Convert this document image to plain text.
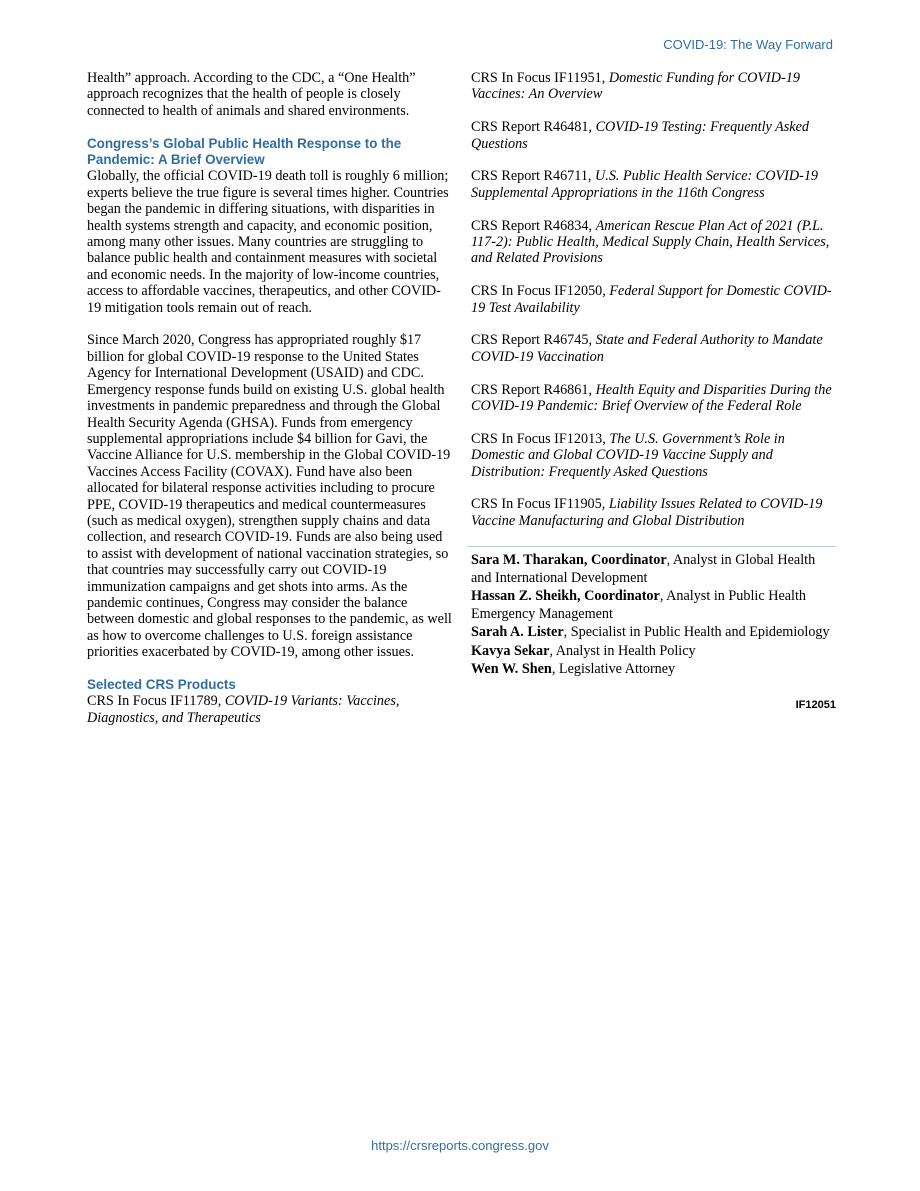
COVID-19: The Way Forward

Health” approach. According to the CDC, a “One Health” approach recognizes that the health of people is closely connected to health of animals and shared environments.

Congress’s Global Public Health Response to the Pandemic: A Brief Overview

Globally, the official COVID-19 death toll is roughly 6 million; experts believe the true figure is several times higher. Countries began the pandemic in differing situations, with disparities in health systems strength and capacity, and economic position, among many other issues. Many countries are struggling to balance public health and containment measures with societal and economic needs. In the majority of low-income countries, access to affordable vaccines, therapeutics, and other COVID-19 mitigation tools remain out of reach.

Since March 2020, Congress has appropriated roughly $17 billion for global COVID-19 response to the United States Agency for International Development (USAID) and CDC. Emergency response funds build on existing U.S. global health investments in pandemic preparedness and through the Global Health Security Agenda (GHSA). Funds from emergency supplemental appropriations include $4 billion for Gavi, the Vaccine Alliance for U.S. membership in the Global COVID-19 Vaccines Access Facility (COVAX). Fund have also been allocated for bilateral response activities including to procure PPE, COVID-19 therapeutics and medical countermeasures (such as medical oxygen), strengthen supply chains and data collection, and research COVID-19. Funds are also being used to assist with development of national vaccination strategies, so that countries may successfully carry out COVID-19 immunization campaigns and get shots into arms. As the pandemic continues, Congress may consider the balance between domestic and global responses to the pandemic, as well as how to overcome challenges to U.S. foreign assistance priorities exacerbated by COVID-19, among other issues.

Selected CRS Products

CRS In Focus IF11789, COVID-19 Variants: Vaccines, Diagnostics, and Therapeutics

CRS In Focus IF11951, Domestic Funding for COVID-19 Vaccines: An Overview

CRS Report R46481, COVID-19 Testing: Frequently Asked Questions

CRS Report R46711, U.S. Public Health Service: COVID-19 Supplemental Appropriations in the 116th Congress

CRS Report R46834, American Rescue Plan Act of 2021 (P.L. 117-2): Public Health, Medical Supply Chain, Health Services, and Related Provisions

CRS In Focus IF12050, Federal Support for Domestic COVID-19 Test Availability

CRS Report R46745, State and Federal Authority to Mandate COVID-19 Vaccination

CRS Report R46861, Health Equity and Disparities During the COVID-19 Pandemic: Brief Overview of the Federal Role

CRS In Focus IF12013, The U.S. Government’s Role in Domestic and Global COVID-19 Vaccine Supply and Distribution: Frequently Asked Questions

CRS In Focus IF11905, Liability Issues Related to COVID-19 Vaccine Manufacturing and Global Distribution

Sara M. Tharakan, Coordinator, Analyst in Global Health and International Development

Hassan Z. Sheikh, Coordinator, Analyst in Public Health Emergency Management

Sarah A. Lister, Specialist in Public Health and Epidemiology

Kavya Sekar, Analyst in Health Policy

Wen W. Shen, Legislative Attorney

IF12051
https://crsreports.congress.gov
